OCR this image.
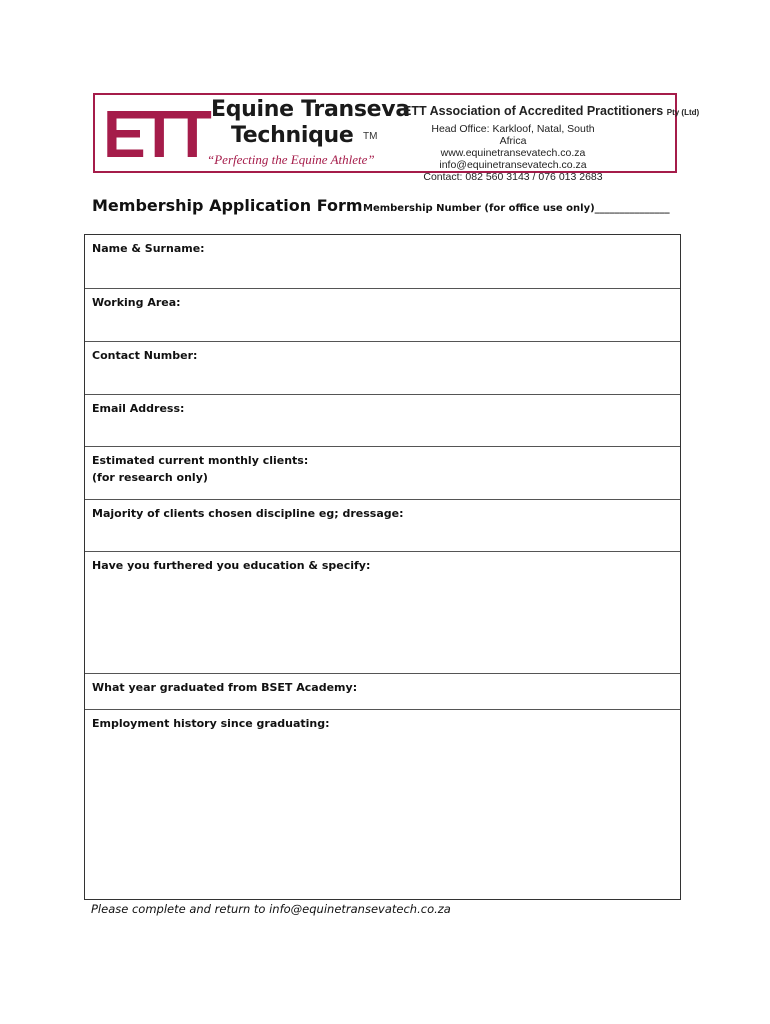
ETT Equine Transeva
Technique TM
“Perfecting the Equine Athlete”
ETT Association of Accredited Practitioners Pty (Ltd)
Head Office: Karkloof, Natal, South Africa
www.equinetransevatech.co.za
info@equinetransevatech.co.za
Contact: 082 560 3143 / 076 013 2683
Membership Application Form Membership Number (for office use only)_______________
Name & Surname:
Working Area:
Contact Number:
Email Address:
Estimated current monthly clients:
(for research only)
Majority of clients chosen discipline eg; dressage:
Have you furthered you education & specify:
What year graduated from BSET Academy:
Employment history since graduating:
Please complete and return to info@equinetransevatech.co.za
